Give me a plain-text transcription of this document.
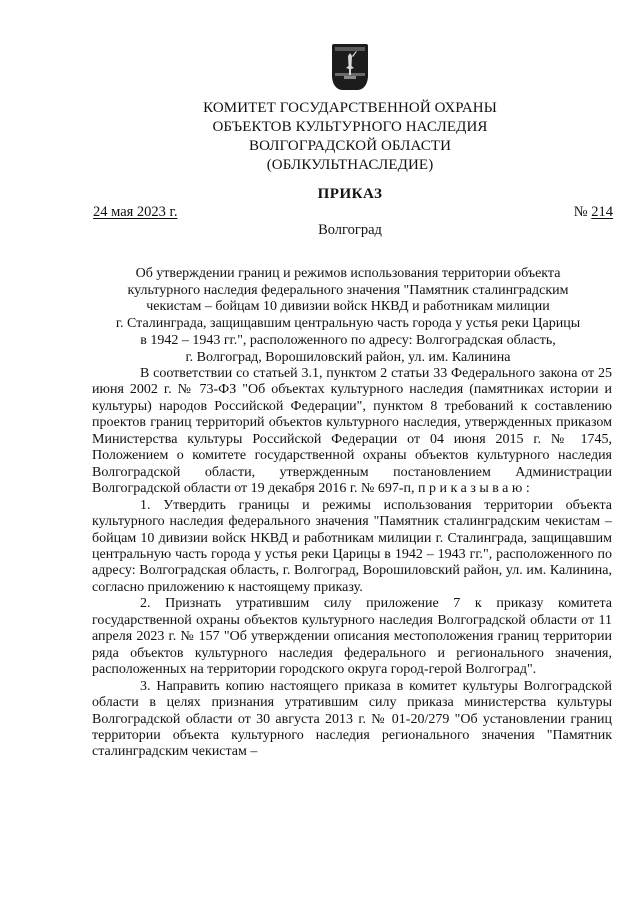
КОМИТЕТ ГОСУДАРСТВЕННОЙ ОХРАНЫ
ОБЪЕКТОВ КУЛЬТУРНОГО НАСЛЕДИЯ
ВОЛГОГРАДСКОЙ ОБЛАСТИ
(ОБЛКУЛЬТНАСЛЕДИЕ)
ПРИКАЗ
24 мая 2023 г.	№ 214
Волгоград
Об утверждении границ и режимов использования территории объекта
культурного наследия федерального значения "Памятник сталинградским
чекистам – бойцам 10 дивизии войск НКВД и работникам милиции
г. Сталинграда, защищавшим центральную часть города у устья реки Царицы
в 1942 – 1943 гг.", расположенного по адресу: Волгоградская область,
г. Волгоград, Ворошиловский район, ул. им. Калинина

В соответствии со статьей 3.1, пунктом 2 статьи 33 Федерального закона от 25 июня 2002 г. № 73-ФЗ "Об объектах культурного наследия (памятниках истории и культуры) народов Российской Федерации", пунктом 8 требований к составлению проектов границ территорий объектов культурного наследия, утвержденных приказом Министерства культуры Российской Федерации от 04 июня 2015 г. № 1745, Положением о комитете государственной охраны объектов культурного наследия Волгоградской области, утвержденным постановлением Администрации Волгоградской области от 19 декабря 2016 г. № 697-п, приказываю:

1. Утвердить границы и режимы использования территории объекта культурного наследия федерального значения "Памятник сталинградским чекистам – бойцам 10 дивизии войск НКВД и работникам милиции г. Сталинграда, защищавшим центральную часть города у устья реки Царицы в 1942 – 1943 гг.", расположенного по адресу: Волгоградская область, г. Волгоград, Ворошиловский район, ул. им. Калинина, согласно приложению к настоящему приказу.

2. Признать утратившим силу приложение 7 к приказу комитета государственной охраны объектов культурного наследия Волгоградской области от 11 апреля 2023 г. № 157 "Об утверждении описания местоположения границ территории ряда объектов культурного наследия федерального и регионального значения, расположенных на территории городского округа город-герой Волгоград".

3. Направить копию настоящего приказа в комитет культуры Волгоградской области в целях признания утратившим силу приказа министерства культуры Волгоградской области от 30 августа 2013 г. № 01-20/279 "Об установлении границ территории объекта культурного наследия регионального значения "Памятник сталинградским чекистам –
